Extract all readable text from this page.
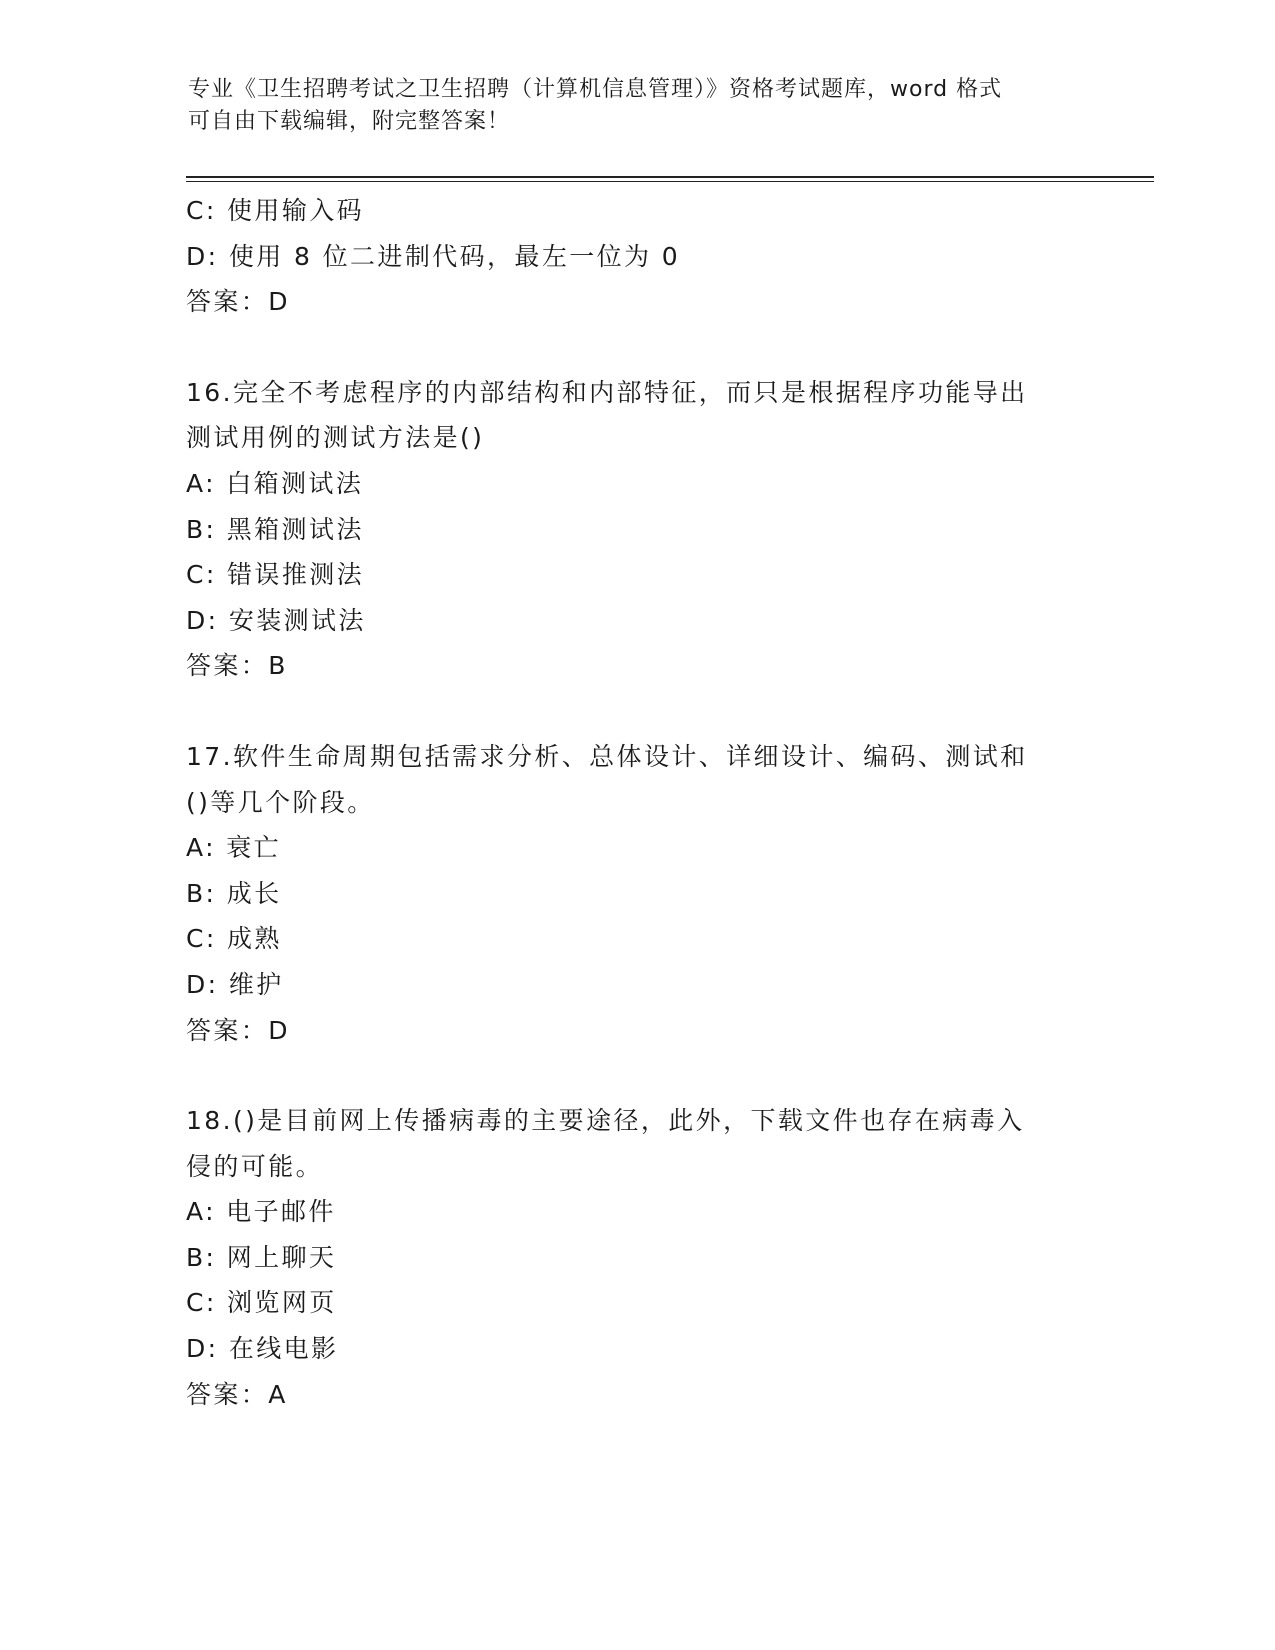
专业《卫生招聘考试之卫生招聘（计算机信息管理）》资格考试题库，word 格式
可自由下载编辑，附完整答案！
C: 使用输入码
D: 使用 8 位二进制代码，最左一位为 0
答案：D
16.完全不考虑程序的内部结构和内部特征，而只是根据程序功能导出
测试用例的测试方法是()
A: 白箱测试法
B: 黑箱测试法
C: 错误推测法
D: 安装测试法
答案：B
17.软件生命周期包括需求分析、总体设计、详细设计、编码、测试和
()等几个阶段。
A: 衰亡
B: 成长
C: 成熟
D: 维护
答案：D
18.()是目前网上传播病毒的主要途径，此外，下载文件也存在病毒入
侵的可能。
A: 电子邮件
B: 网上聊天
C: 浏览网页
D: 在线电影
答案：A
